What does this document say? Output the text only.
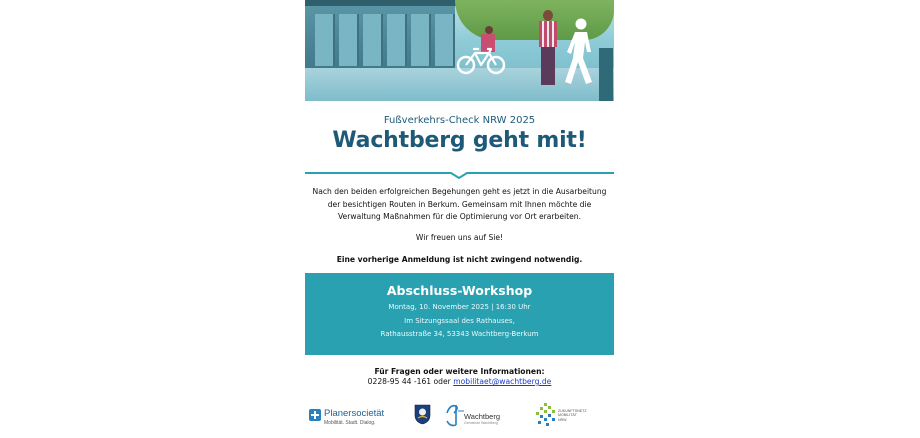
Fußverkehrs-Check NRW 2025
Wachtberg geht mit!
Nach den beiden erfolgreichen Begehungen geht es jetzt in die Ausarbeitung der besichtigen Routen in Berkum. Gemeinsam mit Ihnen möchte die Verwaltung Maßnahmen für die Optimierung vor Ort erarbeiten.
Wir freuen uns auf Sie!
Eine vorherige Anmeldung ist nicht zwingend notwendig.
Abschluss-Workshop
Montag, 10. November 2025 | 16:30 Uhr
Im Sitzungssaal des Rathauses,
Rathausstraße 34, 53343 Wachtberg-Berkum
Für Fragen oder weitere Informationen:
0228-95 44 -161 oder mobilitaet@wachtberg.de
Planersocietät
Mobilität. Stadt. Dialog.
Wachtberg
Gemeinde Wachtberg
ZUKUNFTSNETZ
MOBILITÄT
NRW
